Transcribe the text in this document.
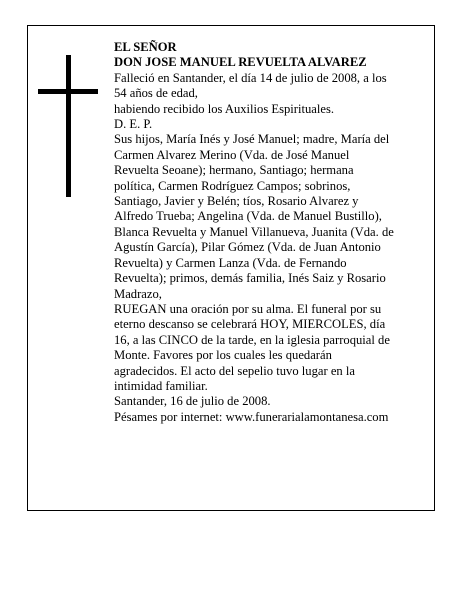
EL SEÑOR
DON JOSE MANUEL REVUELTA ALVAREZ
Falleció en Santander, el día 14 de julio de 2008, a los
54 años de edad,
habiendo recibido los Auxilios Espirituales.
D. E. P.
Sus hijos, María Inés y José Manuel; madre, María del
Carmen Alvarez Merino (Vda. de José Manuel
Revuelta Seoane); hermano, Santiago; hermana
política, Carmen Rodríguez Campos; sobrinos,
Santiago, Javier y Belén; tíos, Rosario Alvarez y
Alfredo Trueba; Angelina (Vda. de Manuel Bustillo),
Blanca Revuelta y Manuel Villanueva, Juanita (Vda. de
Agustín García), Pilar Gómez (Vda. de Juan Antonio
Revuelta) y Carmen Lanza (Vda. de Fernando
Revuelta); primos, demás familia, Inés Saiz y Rosario
Madrazo,
RUEGAN una oración por su alma. El funeral por su
eterno descanso se celebrará HOY, MIERCOLES, día
16, a las CINCO de la tarde, en la iglesia parroquial de
Monte. Favores por los cuales les quedarán
agradecidos. El acto del sepelio tuvo lugar en la
intimidad familiar.
Santander, 16 de julio de 2008.
Pésames por internet: www.funerarialamontanesa.com
